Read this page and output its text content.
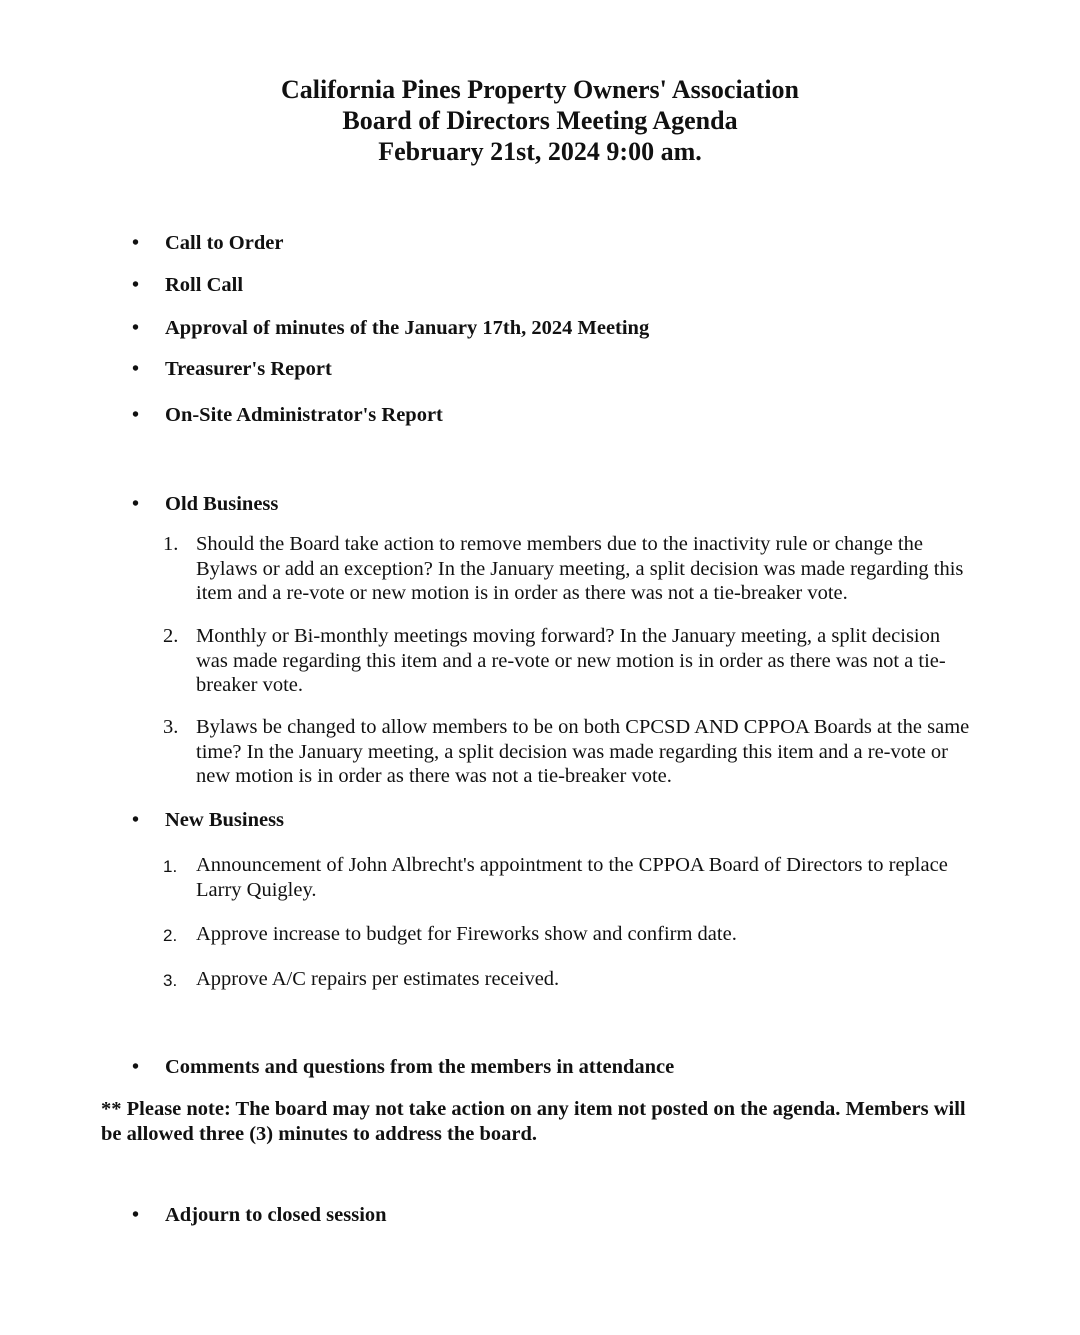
California Pines Property Owners' Association
Board of Directors Meeting Agenda
February 21st, 2024 9:00 am.
•	Call to Order
•	Roll Call
•	Approval of minutes of the January 17th, 2024 Meeting
•	Treasurer's Report
•	On-Site Administrator's Report
•	Old Business
1. Should the Board take action to remove members due to the inactivity rule or change the Bylaws or add an exception? In the January meeting, a split decision was made regarding this item and a re-vote or new motion is in order as there was not a tie-breaker vote.
2. Monthly or Bi-monthly meetings moving forward? In the January meeting, a split decision was made regarding this item and a re-vote or new motion is in order as there was not a tie-breaker vote.
3. Bylaws be changed to allow members to be on both CPCSD AND CPPOA Boards at the same time? In the January meeting, a split decision was made regarding this item and a re-vote or new motion is in order as there was not a tie-breaker vote.
•	New Business
1. Announcement of John Albrecht's appointment to the CPPOA Board of Directors to replace Larry Quigley.
2. Approve increase to budget for Fireworks show and confirm date.
3. Approve A/C repairs per estimates received.
•	Comments and questions from the members in attendance
** Please note: The board may not take action on any item not posted on the agenda. Members will be allowed three (3) minutes to address the board.
•	Adjourn to closed session
